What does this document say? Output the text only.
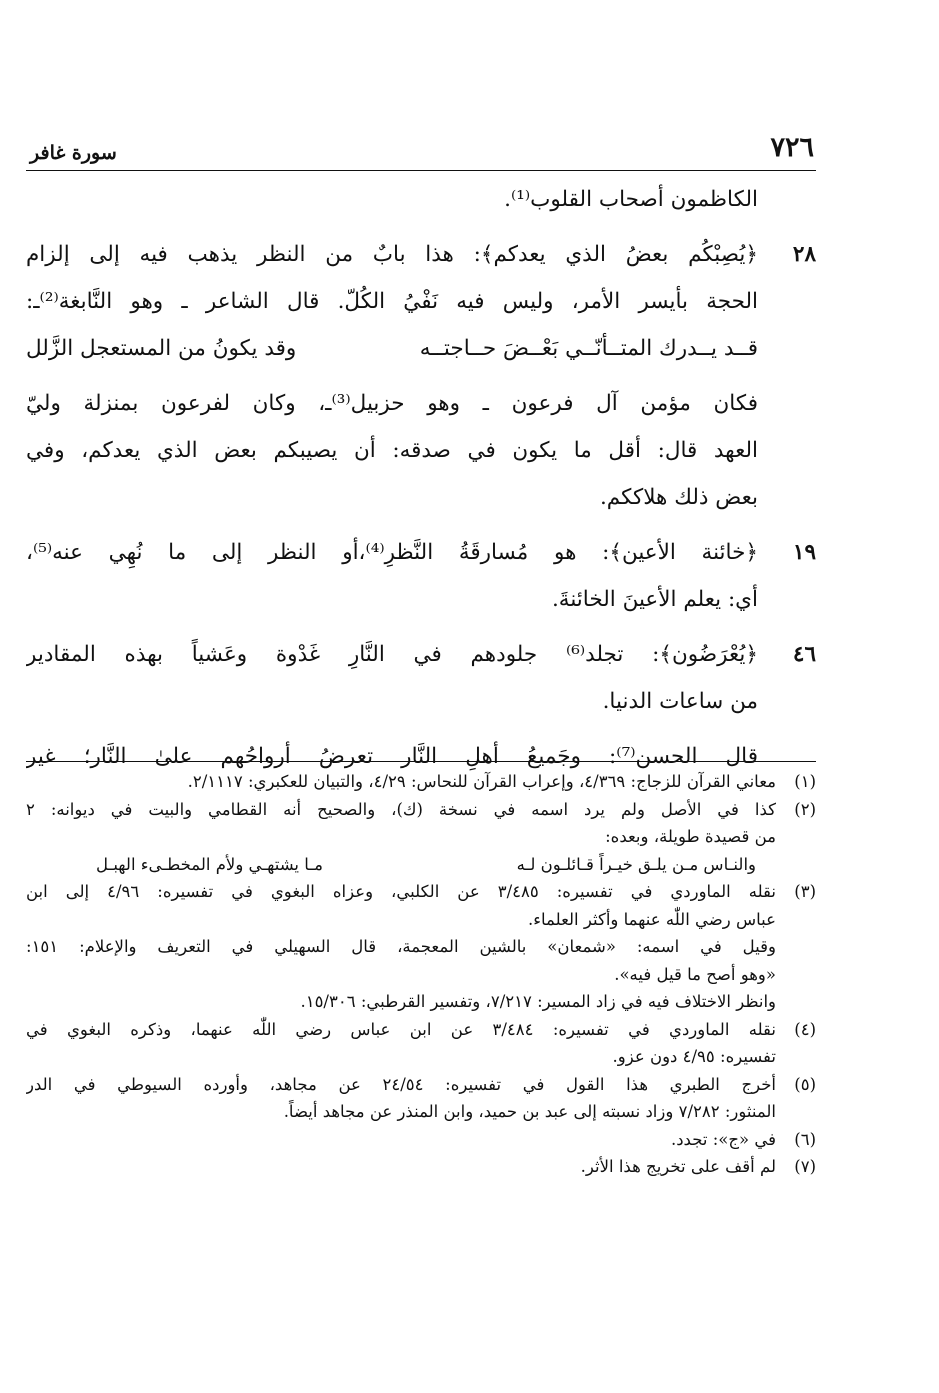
٧٢٦
سورة غافر
الكاظمون أصحاب القلوب⁽¹⁾.
٢٨
﴿يُصِبْكُم بعضُ الذي يعدكم﴾: هذا بابٌ من النظر يذهب فيه إلى إلزام
الحجة بأيسر الأمر، وليس فيه نَفْيُ الكُلّ. قال الشاعر ـ وهو النَّابغة⁽²⁾ـ:
قــد يــدرك المتــأنّــي بَعْــضَ حــاجتــه
وقد يكونُ من المستعجل الزَّلل
فكان مؤمن آل فرعون ـ وهو حزبيل⁽³⁾ـ، وكان لفرعون بمنزلة وليّ
العهد قال: أقل ما يكون في صدقه: أن يصيبكم بعض الذي يعدكم، وفي
بعض ذلك هلاككم.
١٩
﴿خائنة الأعين﴾: هو مُسارقَةُ النَّظرِ⁽⁴⁾،أو النظر إلى ما نُهِي عنه⁽⁵⁾،
أي: يعلم الأعينَ الخائنةَ.
٤٦
﴿يُعْرَضُون﴾: تجلد⁽⁶⁾ جلودهم في النَّارِ غَدْوة وعَشياً بهذه المقادير
من ساعات الدنيا.
قال الحسن⁽⁷⁾: وجَميعُ أهلِ النَّار تعرضُ أرواحُهم علىٰ النَّار؛ غير
(١)
معاني القرآن للزجاج: ٤/٣٦٩، وإعراب القرآن للنحاس: ٤/٢٩، والتبيان للعكبري: ٢/١١١٧.
(٢)
كذا في الأصل ولم يرد اسمه في نسخة (ك)، والصحيح أنه القطامي والبيت في ديوانه: ٢
من قصيدة طويلة، وبعده:
والنـاس مـن يلـق خيـراً قـائلـون لـه
مـا يشتهـي ولأم المخطـىء الهبـل
(٣)
نقله الماوردي في تفسيره: ٣/٤٨٥ عن الكلبي، وعزاه البغوي في تفسيره: ٤/٩٦ إلى ابن
عباس رضي اللّٰه عنهما وأكثر العلماء.
وقيل في اسمه: «شمعان» بالشين المعجمة، قال السهيلي في التعريف والإعلام: ١٥١:
«وهو أصح ما قيل فيه».
وانظر الاختلاف فيه في زاد المسير: ٧/٢١٧، وتفسير القرطبي: ١٥/٣٠٦.
(٤)
نقله الماوردي في تفسيره: ٣/٤٨٤ عن ابن عباس رضي اللّٰه عنهما، وذكره البغوي في
تفسيره: ٤/٩٥ دون عزو.
(٥)
أخرج الطبري هذا القول في تفسيره: ٢٤/٥٤ عن مجاهد، وأورده السيوطي في الدر
المنثور: ٧/٢٨٢ وزاد نسبته إلى عبد بن حميد، وابن المنذر عن مجاهد أيضاً.
(٦)
في «ج»: تجدد.
(٧)
لم أقف على تخريج هذا الأثر.
